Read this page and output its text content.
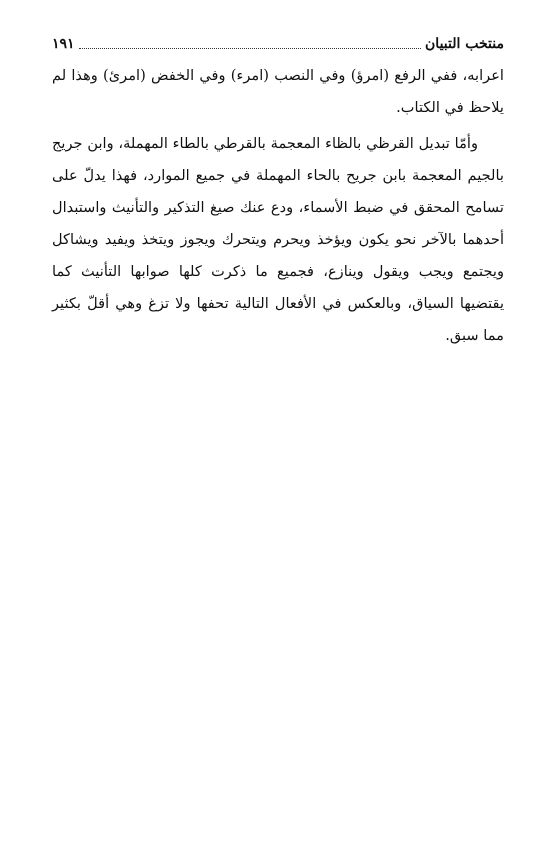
منتخب التبيان
١٩١

اعرابه، ففي الرفع (امرؤ) وفي النصب (امرء) وفي الخفض (امرئ) وهذا لم يلاحظ في الكتاب.

وأمّا تبديل القرظي بالظاء المعجمة بالقرطي بالطاء المهملة، وابن جريج بالجيم المعجمة بابن جريح بالحاء المهملة في جميع الموارد، فهذا يدلّ على تسامح المحقق في ضبط الأسماء، ودع عنك صيغ التذكير والتأنيث واستبدال أحدهما بالآخر نحو يكون ويؤخذ ويحرم ويتحرك ويجوز ويتخذ ويفيد ويشاكل ويجتمع ويجب ويقول وينازع، فجميع ما ذكرت كلها صوابها التأنيث كما يقتضيها السياق، وبالعكس في الأفعال التالية تحفها ولا تزغ وهي أقلّ بكثير مما سبق.
